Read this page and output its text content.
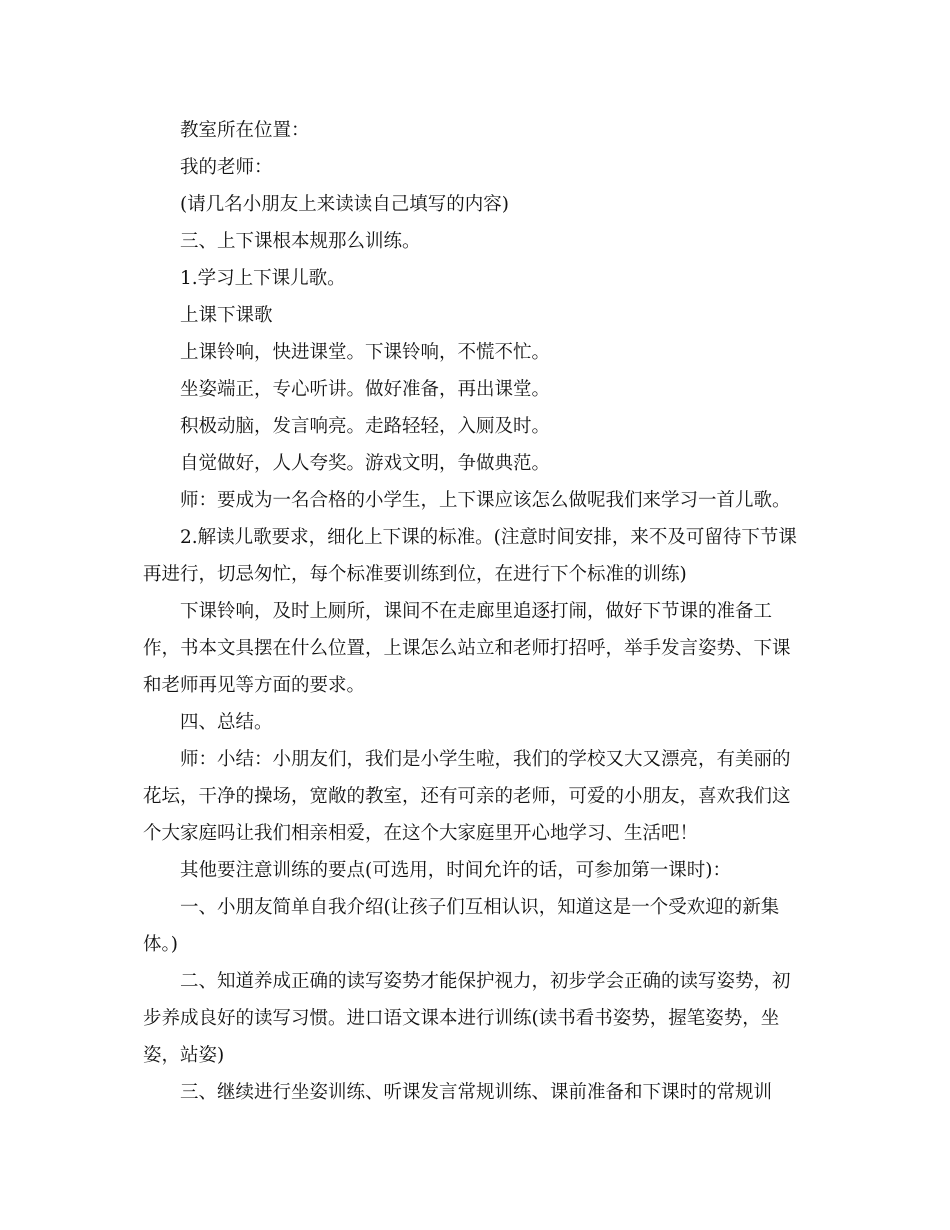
教室所在位置：

我的老师：

(请几名小朋友上来读读自己填写的内容)

三、上下课根本规那么训练。

1.学习上下课儿歌。

上课下课歌

上课铃响，快进课堂。下课铃响，不慌不忙。

坐姿端正，专心听讲。做好准备，再出课堂。

积极动脑，发言响亮。走路轻轻，入厕及时。

自觉做好，人人夸奖。游戏文明，争做典范。

师：要成为一名合格的小学生，上下课应该怎么做呢我们来学习一首儿歌。

2.解读儿歌要求，细化上下课的标准。(注意时间安排，来不及可留待下节课
再进行，切忌匆忙，每个标准要训练到位，在进行下个标准的训练)

下课铃响，及时上厕所，课间不在走廊里追逐打闹，做好下节课的准备工
作，书本文具摆在什么位置，上课怎么站立和老师打招呼，举手发言姿势、下课
和老师再见等方面的要求。

四、总结。

师：小结：小朋友们，我们是小学生啦，我们的学校又大又漂亮，有美丽的
花坛，干净的操场，宽敞的教室，还有可亲的老师，可爱的小朋友，喜欢我们这
个大家庭吗让我们相亲相爱，在这个大家庭里开心地学习、生活吧！

其他要注意训练的要点(可选用，时间允许的话，可参加第一课时)：

一、小朋友简单自我介绍(让孩子们互相认识，知道这是一个受欢迎的新集
体。)

二、知道养成正确的读写姿势才能保护视力，初步学会正确的读写姿势，初
步养成良好的读写习惯。进口语文课本进行训练(读书看书姿势，握笔姿势，坐
姿，站姿)

三、继续进行坐姿训练、听课发言常规训练、课前准备和下课时的常规训
